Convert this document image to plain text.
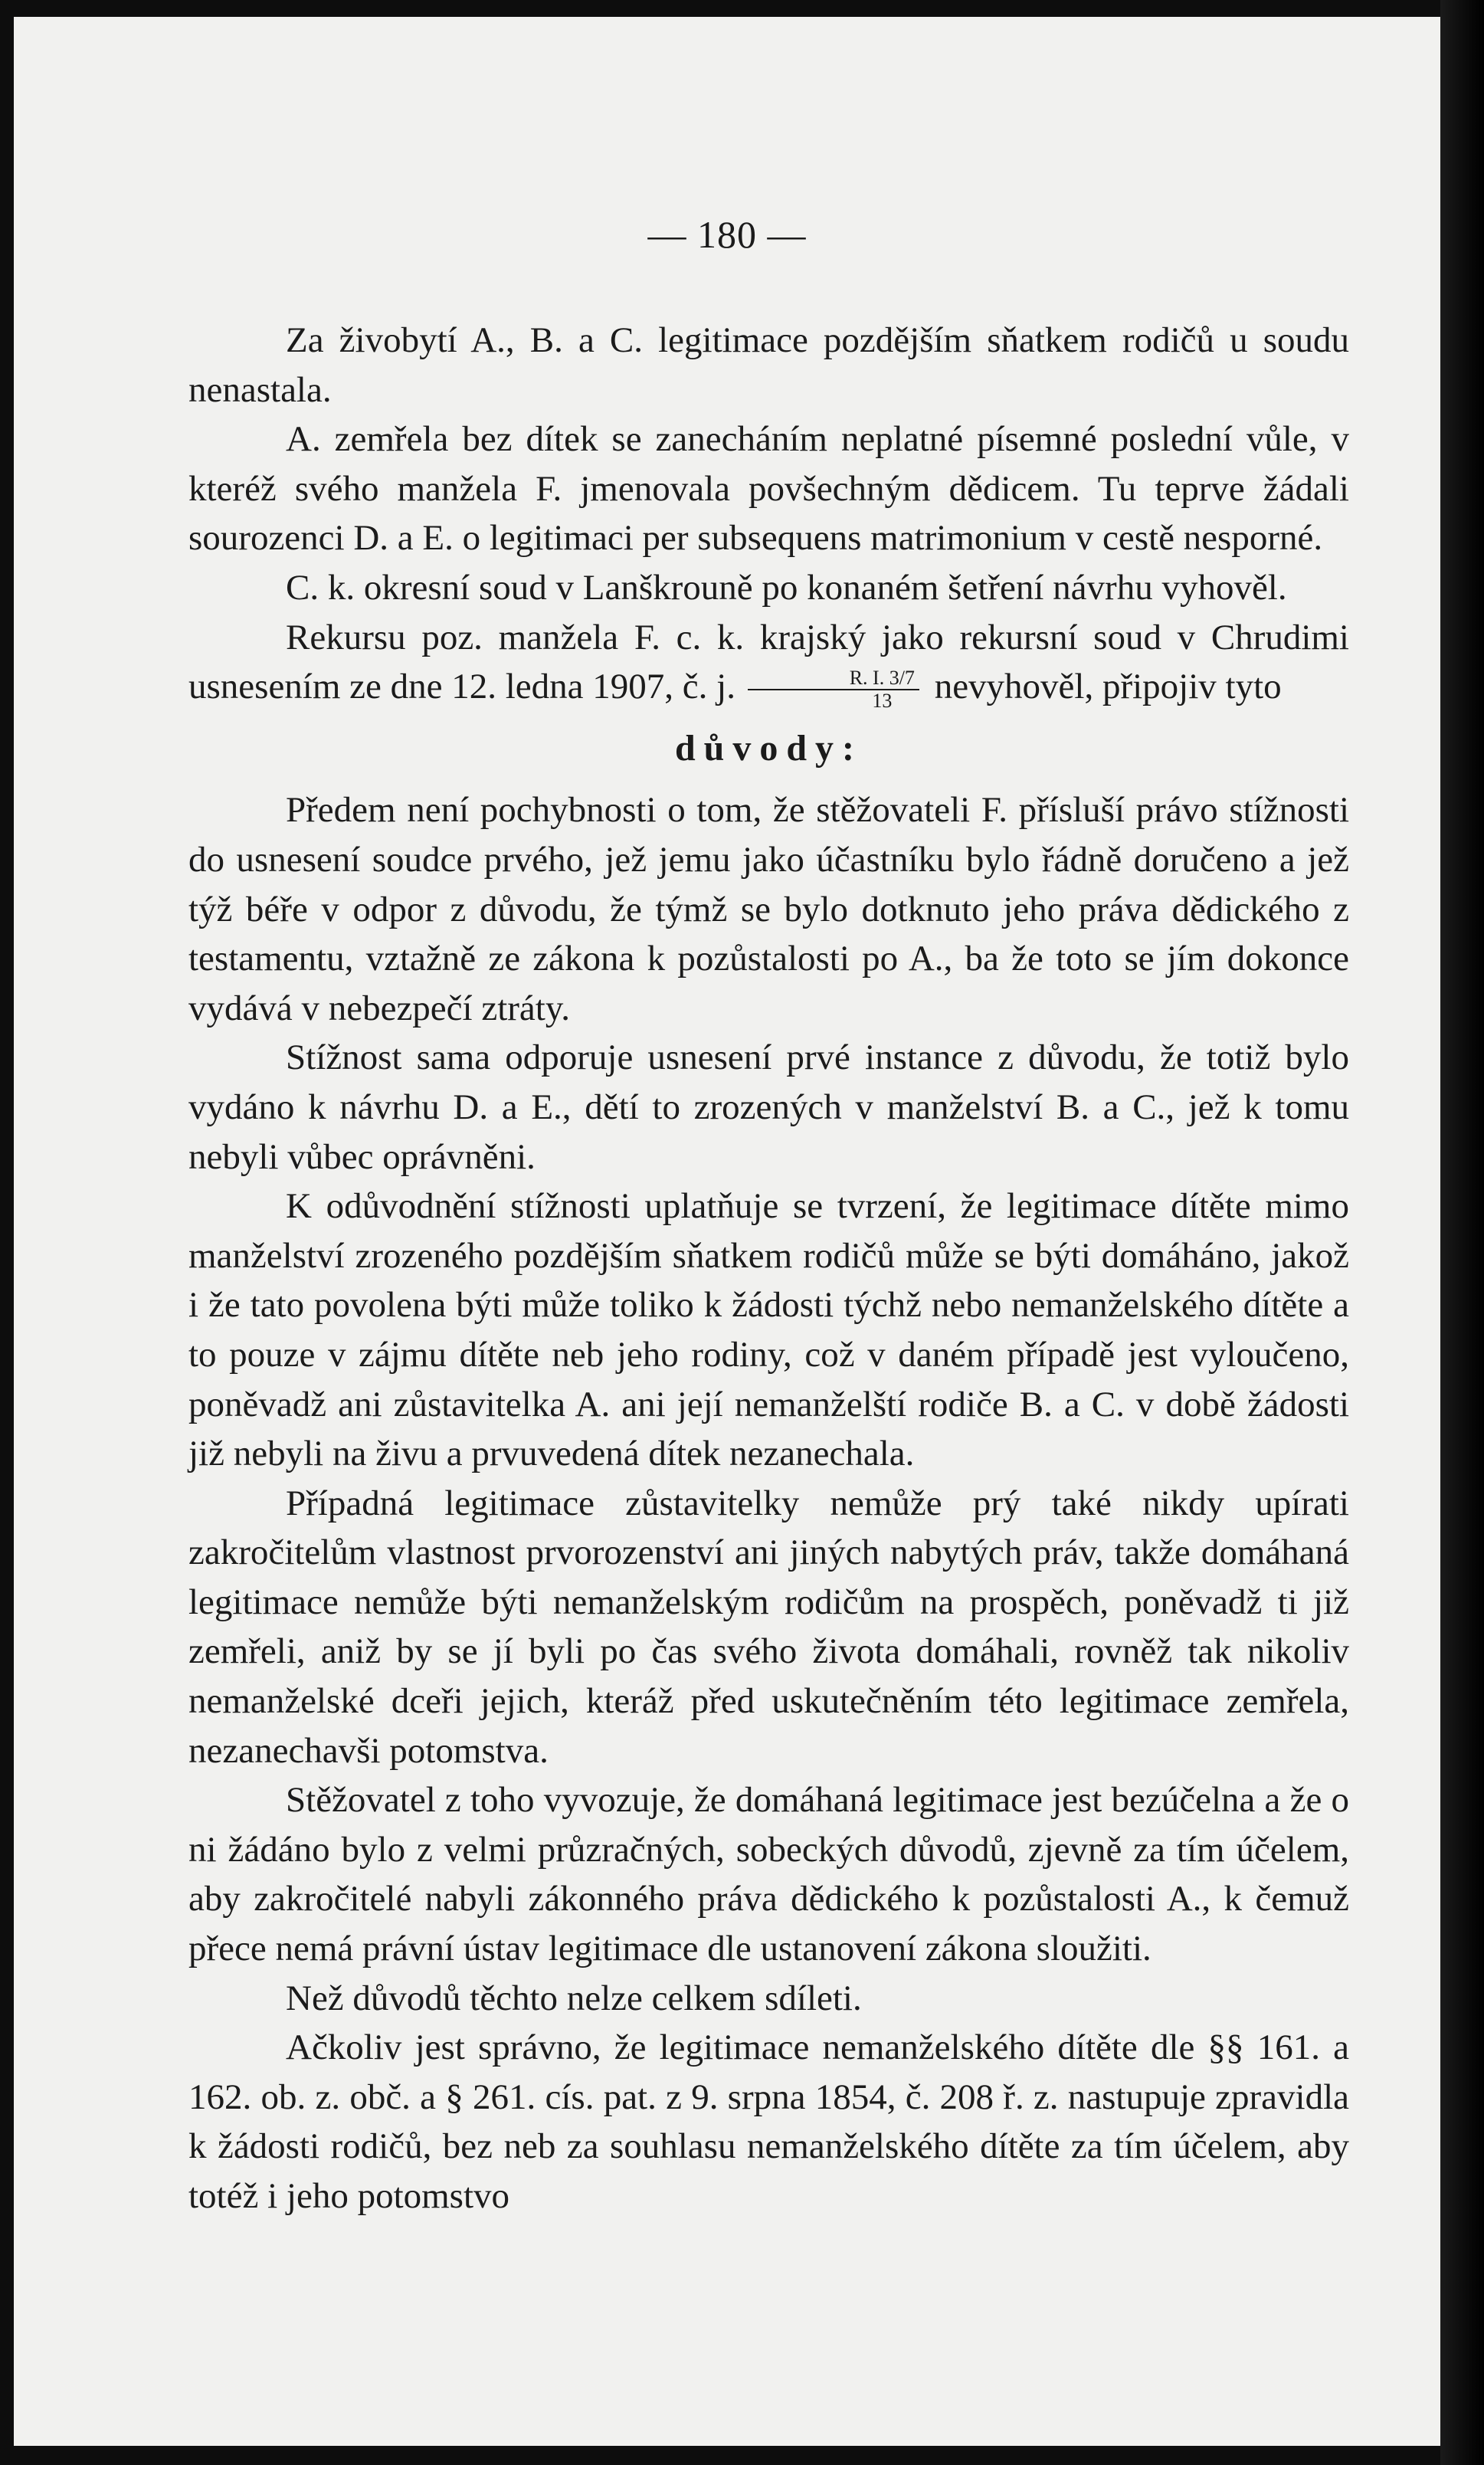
— 180 —

Za živobytí A., B. a C. legitimace pozdějším sňatkem rodičů u soudu nenastala.

A. zemřela bez dítek se zanecháním neplatné písemné poslední vůle, v kteréž svého manžela F. jmenovala povšechným dědicem. Tu teprve žádali sourozenci D. a E. o legitimaci per subsequens matrimonium v cestě nesporné.

C. k. okresní soud v Lanškrouně po konaném šetření návrhu vyhověl.

Rekursu poz. manžela F. c. k. krajský jako rekursní soud v Chrudimi usnesením ze dne 12. ledna 1907, č. j. $\frac{R. I. 3/7}{13}$ nevyhověl, připojiv tyto

důvody:

Předem není pochybnosti o tom, že stěžovateli F. přísluší právo stížnosti do usnesení soudce prvého, jež jemu jako účastníku bylo řádně doručeno a jež týž béře v odpor z důvodu, že týmž se bylo dotknuto jeho práva dědického z testamentu, vztažně ze zákona k pozůstalosti po A., ba že toto se jím dokonce vydává v nebezpečí ztráty.

Stížnost sama odporuje usnesení prvé instance z důvodu, že totiž bylo vydáno k návrhu D. a E., dětí to zrozených v manželství B. a C., jež k tomu nebyli vůbec oprávněni.

K odůvodnění stížnosti uplatňuje se tvrzení, že legitimace dítěte mimo manželství zrozeného pozdějším sňatkem rodičů může se býti domáháno, jakož i že tato povolena býti může toliko k žádosti týchž nebo nemanželského dítěte a to pouze v zájmu dítěte neb jeho rodiny, což v daném případě jest vyloučeno, poněvadž ani zůstavitelka A. ani její nemanželští rodiče B. a C. v době žádosti již nebyli na živu a prvuvedená dítek nezanechala.

Případná legitimace zůstavitelky nemůže prý také nikdy upírati zakročitelům vlastnost prvorozenství ani jiných nabytých práv, takže domáhaná legitimace nemůže býti nemanželským rodičům na prospěch, poněvadž ti již zemřeli, aniž by se jí byli po čas svého života domáhali, rovněž tak nikoliv nemanželské dceři jejich, kteráž před uskutečněním této legitimace zemřela, nezanechavši potomstva.

Stěžovatel z toho vyvozuje, že domáhaná legitimace jest bezúčelna a že o ni žádáno bylo z velmi průzračných, sobeckých důvodů, zjevně za tím účelem, aby zakročitelé nabyli zákonného práva dědického k pozůstalosti A., k čemuž přece nemá právní ústav legitimace dle ustanovení zákona sloužiti.

Než důvodů těchto nelze celkem sdíleti.

Ačkoliv jest správno, že legitimace nemanželského dítěte dle §§ 161. a 162. ob. z. obč. a § 261. cís. pat. z 9. srpna 1854, č. 208 ř. z. nastupuje zpravidla k žádosti rodičů, bez neb za souhlasu nemanželského dítěte za tím účelem, aby totéž i jeho potomstvo
